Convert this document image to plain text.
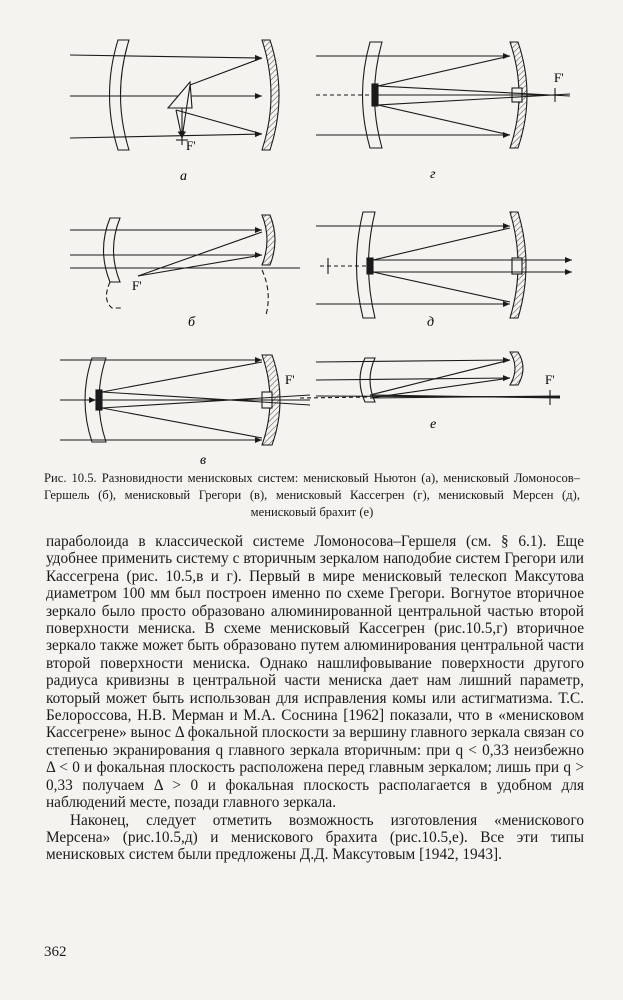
а
б
в
г
д
е
F'
F'
F'
F'
F'
Рис. 10.5. Разновидности менисковых систем: менисковый Ньютон (а), мениcковый Ломоносов–Гершель (б), менисковый Грегори (в), менисковый Кассегрен (г), менисковый Мерсен (д), менисковый брахит (е)

параболоида в классической системе Ломоносова–Гершеля (см. § 6.1). Еще удобнее применить систему с вторичным зеркалом наподобие систем Грегори или Кассегрена (рис. 10.5,в и г). Первый в мире менисковый телескоп Максутова диаметром 100 мм был построен именно по схеме Грегори. Вогнутое вторичное зеркало было просто образовано алюминированной центральной частью второй поверхности мениска. В схеме менисковый Кассегрен (рис.10.5,г) вторичное зеркало также может быть образовано путем алюминирования центральной части второй поверхности мениска. Однако нашлифовывание поверхности другого радиуса кривизны в центральной части мениска дает нам лишний параметр, который может быть использован для исправления комы или астигматизма. Т.С. Белороссова, Н.В. Мерман и М.А. Соснина [1962] показали, что в «менисковом Кассегрене» вынос Δ фокальной плоскости за вершину главного зеркала связан со степенью экранирования q главного зеркала вторичным: при q < 0,33 неизбежно Δ < 0 и фокальная плоскость расположена перед главным зеркалом; лишь при q > 0,33 получаем Δ > 0 и фокальная плоскость располагается в удобном для наблюдений месте, позади главного зеркала.

Наконец, следует отметить возможность изготовления «менискового Мерсена» (рис.10.5,д) и менискового брахита (рис.10.5,е). Все эти типы менисковых систем были предложены Д.Д. Максутовым [1942, 1943].

362
